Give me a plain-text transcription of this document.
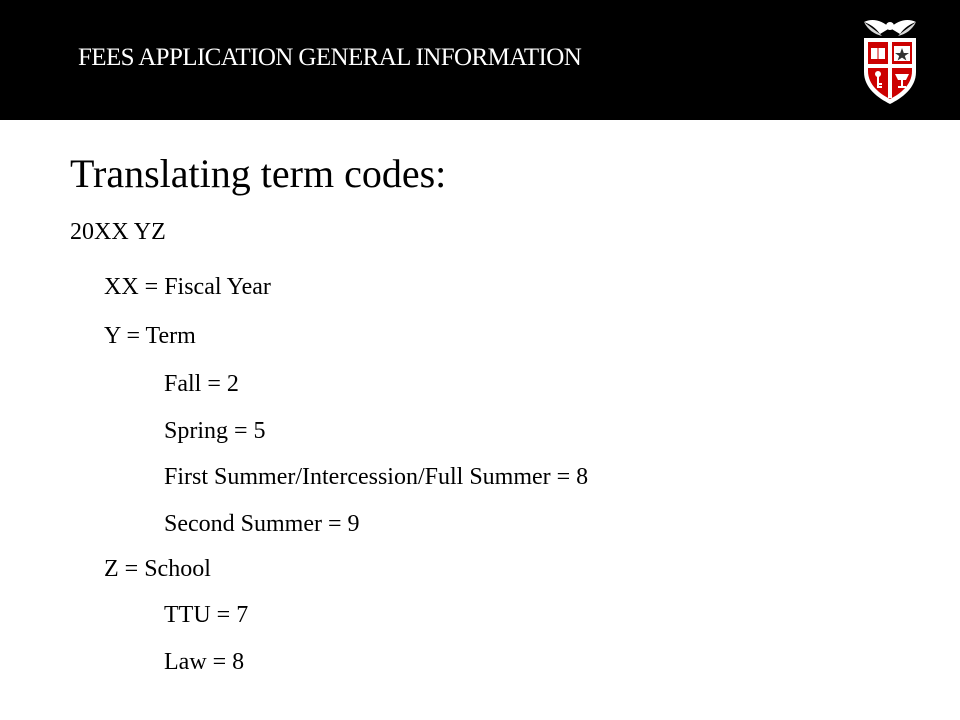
FEES APPLICATION GENERAL INFORMATION
Translating term codes:
20XX YZ
XX = Fiscal Year
Y = Term
Fall = 2
Spring = 5
First Summer/Intercession/Full Summer = 8
Second Summer = 9
Z = School
TTU = 7
Law = 8
